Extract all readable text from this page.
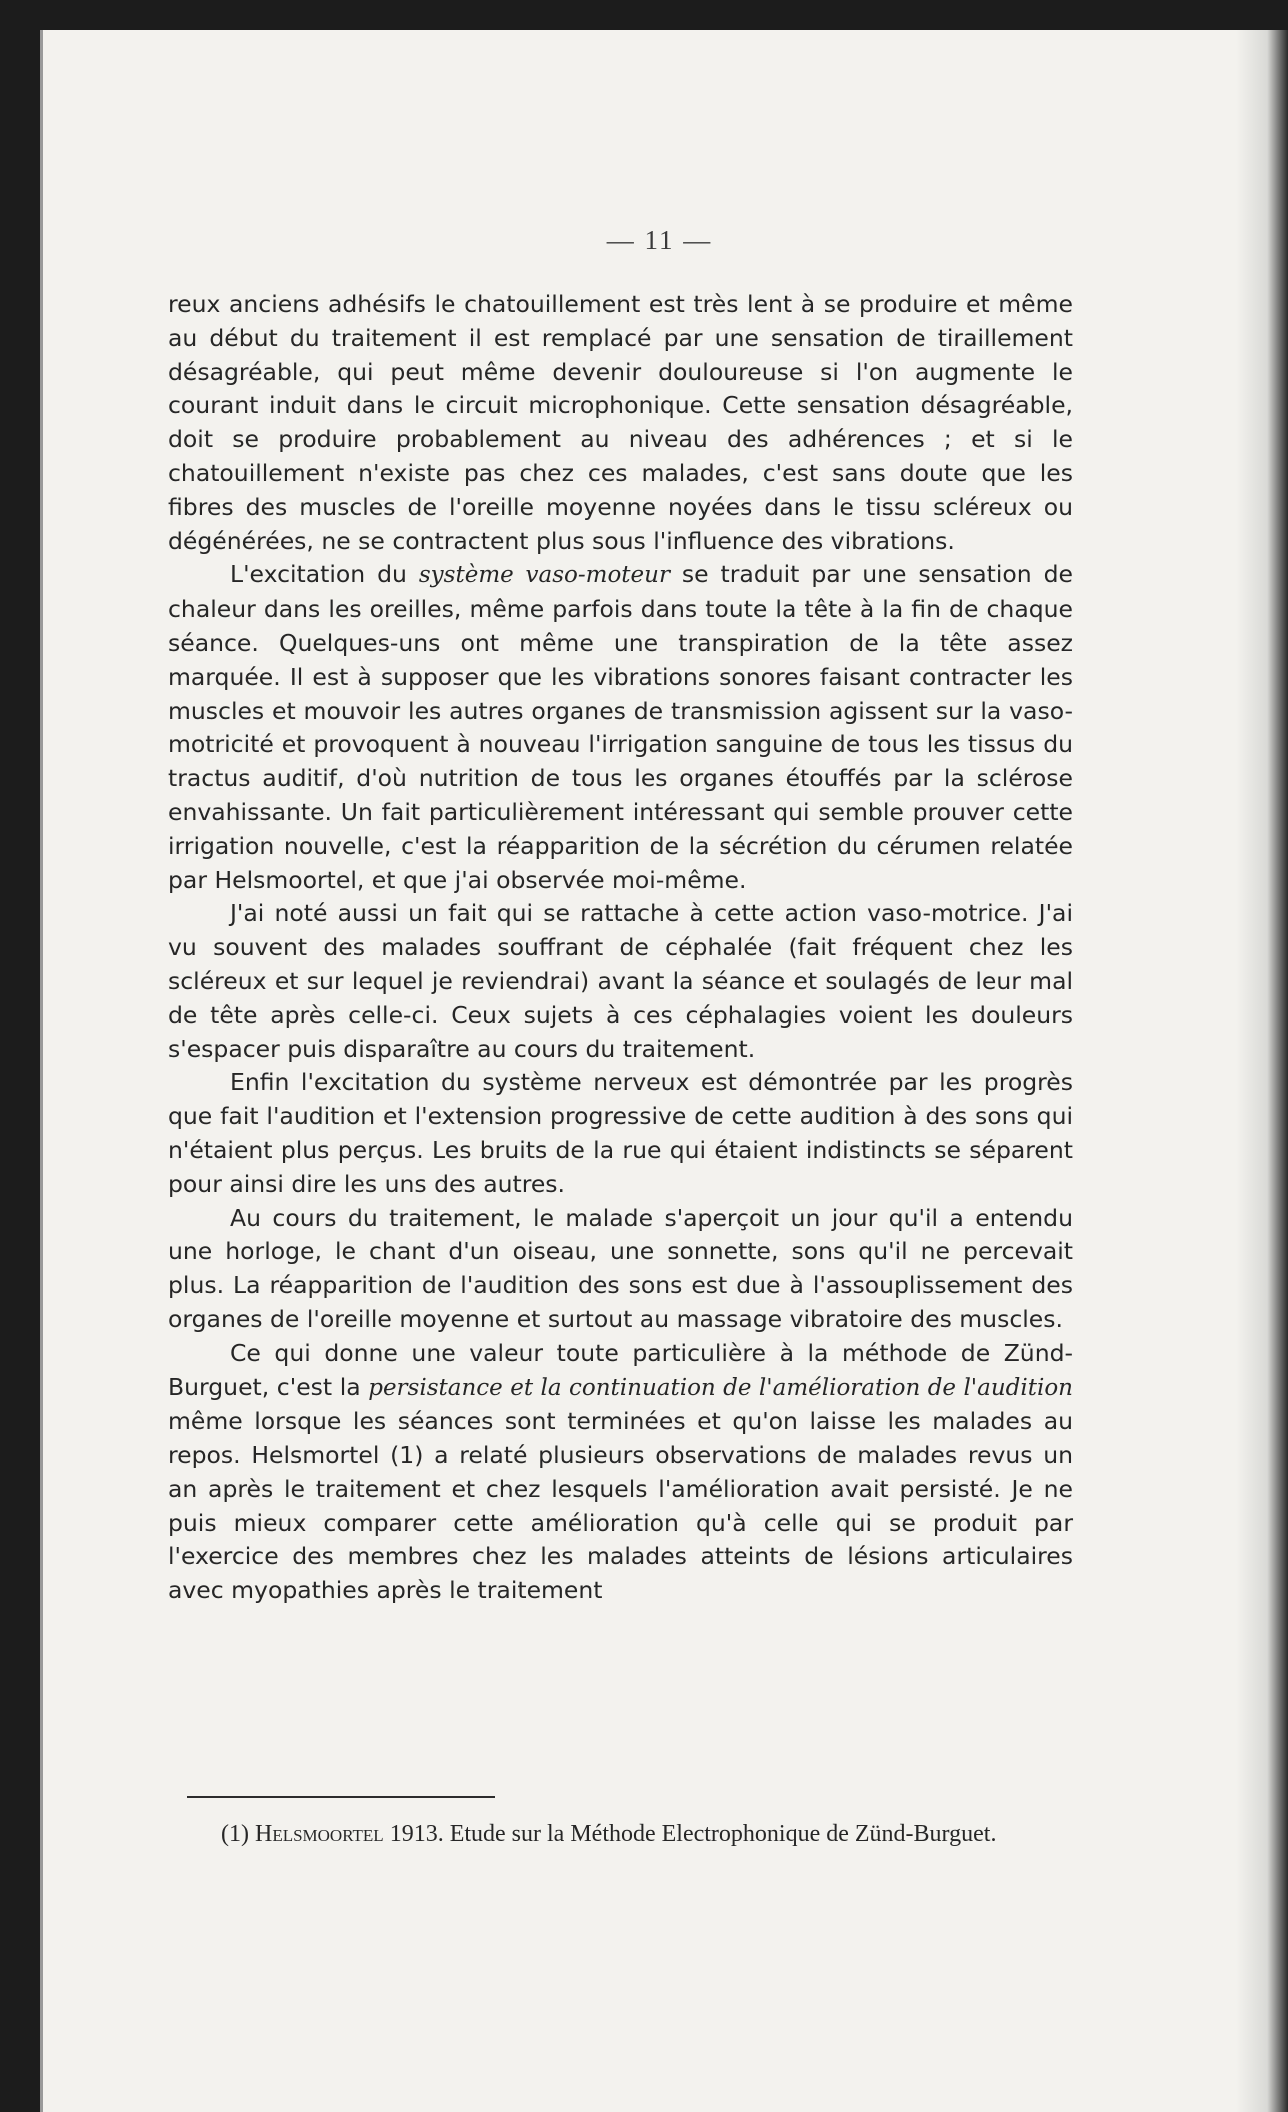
— 11 —

reux anciens adhésifs le chatouillement est très lent à se produire et même au début du traitement il est remplacé par une sensation de tiraillement désagréable, qui peut même devenir douloureuse si l'on augmente le courant induit dans le circuit microphonique. Cette sensation désagréable, doit se produire probablement au niveau des adhérences ; et si le chatouillement n'existe pas chez ces malades, c'est sans doute que les fibres des muscles de l'oreille moyenne noyées dans le tissu scléreux ou dégénérées, ne se contractent plus sous l'influence des vibrations.

L'excitation du système vaso-moteur se traduit par une sensation de chaleur dans les oreilles, même parfois dans toute la tête à la fin de chaque séance. Quelques-uns ont même une transpiration de la tête assez marquée. Il est à supposer que les vibrations sonores faisant contracter les muscles et mouvoir les autres organes de transmission agissent sur la vaso-motricité et provoquent à nouveau l'irrigation sanguine de tous les tissus du tractus auditif, d'où nutrition de tous les organes étouffés par la sclérose envahissante. Un fait particulièrement intéressant qui semble prouver cette irrigation nouvelle, c'est la réapparition de la sécrétion du cérumen relatée par Helsmoortel, et que j'ai observée moi-même.

J'ai noté aussi un fait qui se rattache à cette action vaso-motrice. J'ai vu souvent des malades souffrant de céphalée (fait fréquent chez les scléreux et sur lequel je reviendrai) avant la séance et soulagés de leur mal de tête après celle-ci. Ceux sujets à ces céphalagies voient les douleurs s'espacer puis disparaître au cours du traitement.

Enfin l'excitation du système nerveux est démontrée par les progrès que fait l'audition et l'extension progressive de cette audition à des sons qui n'étaient plus perçus. Les bruits de la rue qui étaient indistincts se séparent pour ainsi dire les uns des autres.

Au cours du traitement, le malade s'aperçoit un jour qu'il a entendu une horloge, le chant d'un oiseau, une sonnette, sons qu'il ne percevait plus. La réapparition de l'audition des sons est due à l'assouplissement des organes de l'oreille moyenne et surtout au massage vibratoire des muscles.

Ce qui donne une valeur toute particulière à la méthode de Zünd-Burguet, c'est la persistance et la continuation de l'amélioration de l'audition même lorsque les séances sont terminées et qu'on laisse les malades au repos. Helsmortel (1) a relaté plusieurs observations de malades revus un an après le traitement et chez lesquels l'amélioration avait persisté. Je ne puis mieux comparer cette amélioration qu'à celle qui se produit par l'exercice des membres chez les malades atteints de lésions articulaires avec myopathies après le traitement

(1) Helsmoortel 1913. Etude sur la Méthode Electrophonique de Zünd-Burguet.
